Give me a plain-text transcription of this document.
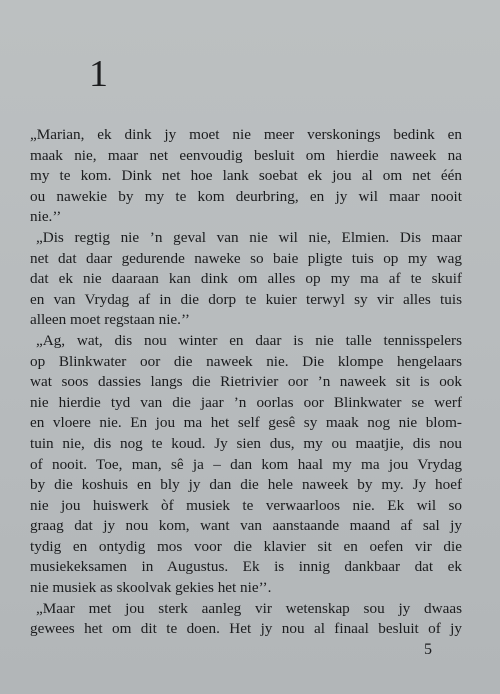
1
„Marian, ek dink jy moet nie meer verskonings bedink en
maak nie, maar net eenvoudig besluit om hierdie naweek na
my te kom. Dink net hoe lank soebat ek jou al om net één
ou nawekie by my te kom deurbring, en jy wil maar nooit
nie.’’
„Dis regtig nie ’n geval van nie wil nie, Elmien. Dis maar
net dat daar gedurende naweke so baie pligte tuis op my wag
dat ek nie daaraan kan dink om alles op my ma af te skuif
en van Vrydag af in die dorp te kuier terwyl sy vir alles tuis
alleen moet regstaan nie.’’
„Ag, wat, dis nou winter en daar is nie talle tennisspelers
op Blinkwater oor die naweek nie. Die klompe hengelaars
wat soos dassies langs die Rietrivier oor ’n naweek sit is ook
nie hierdie tyd van die jaar ’n oorlas oor Blinkwater se werf
en vloere nie. En jou ma het self gesê sy maak nog nie blom-
tuin nie, dis nog te koud. Jy sien dus, my ou maatjie, dis nou
of nooit. Toe, man, sê ja – dan kom haal my ma jou Vrydag
by die koshuis en bly jy dan die hele naweek by my. Jy hoef
nie jou huiswerk òf musiek te verwaarloos nie. Ek wil so
graag dat jy nou kom, want van aanstaande maand af sal jy
tydig en ontydig mos voor die klavier sit en oefen vir die
musiekeksamen in Augustus. Ek is innig dankbaar dat ek
nie musiek as skoolvak gekies het nie’’.
„Maar met jou sterk aanleg vir wetenskap sou jy dwaas
gewees het om dit te doen. Het jy nou al finaal besluit of jy
5
